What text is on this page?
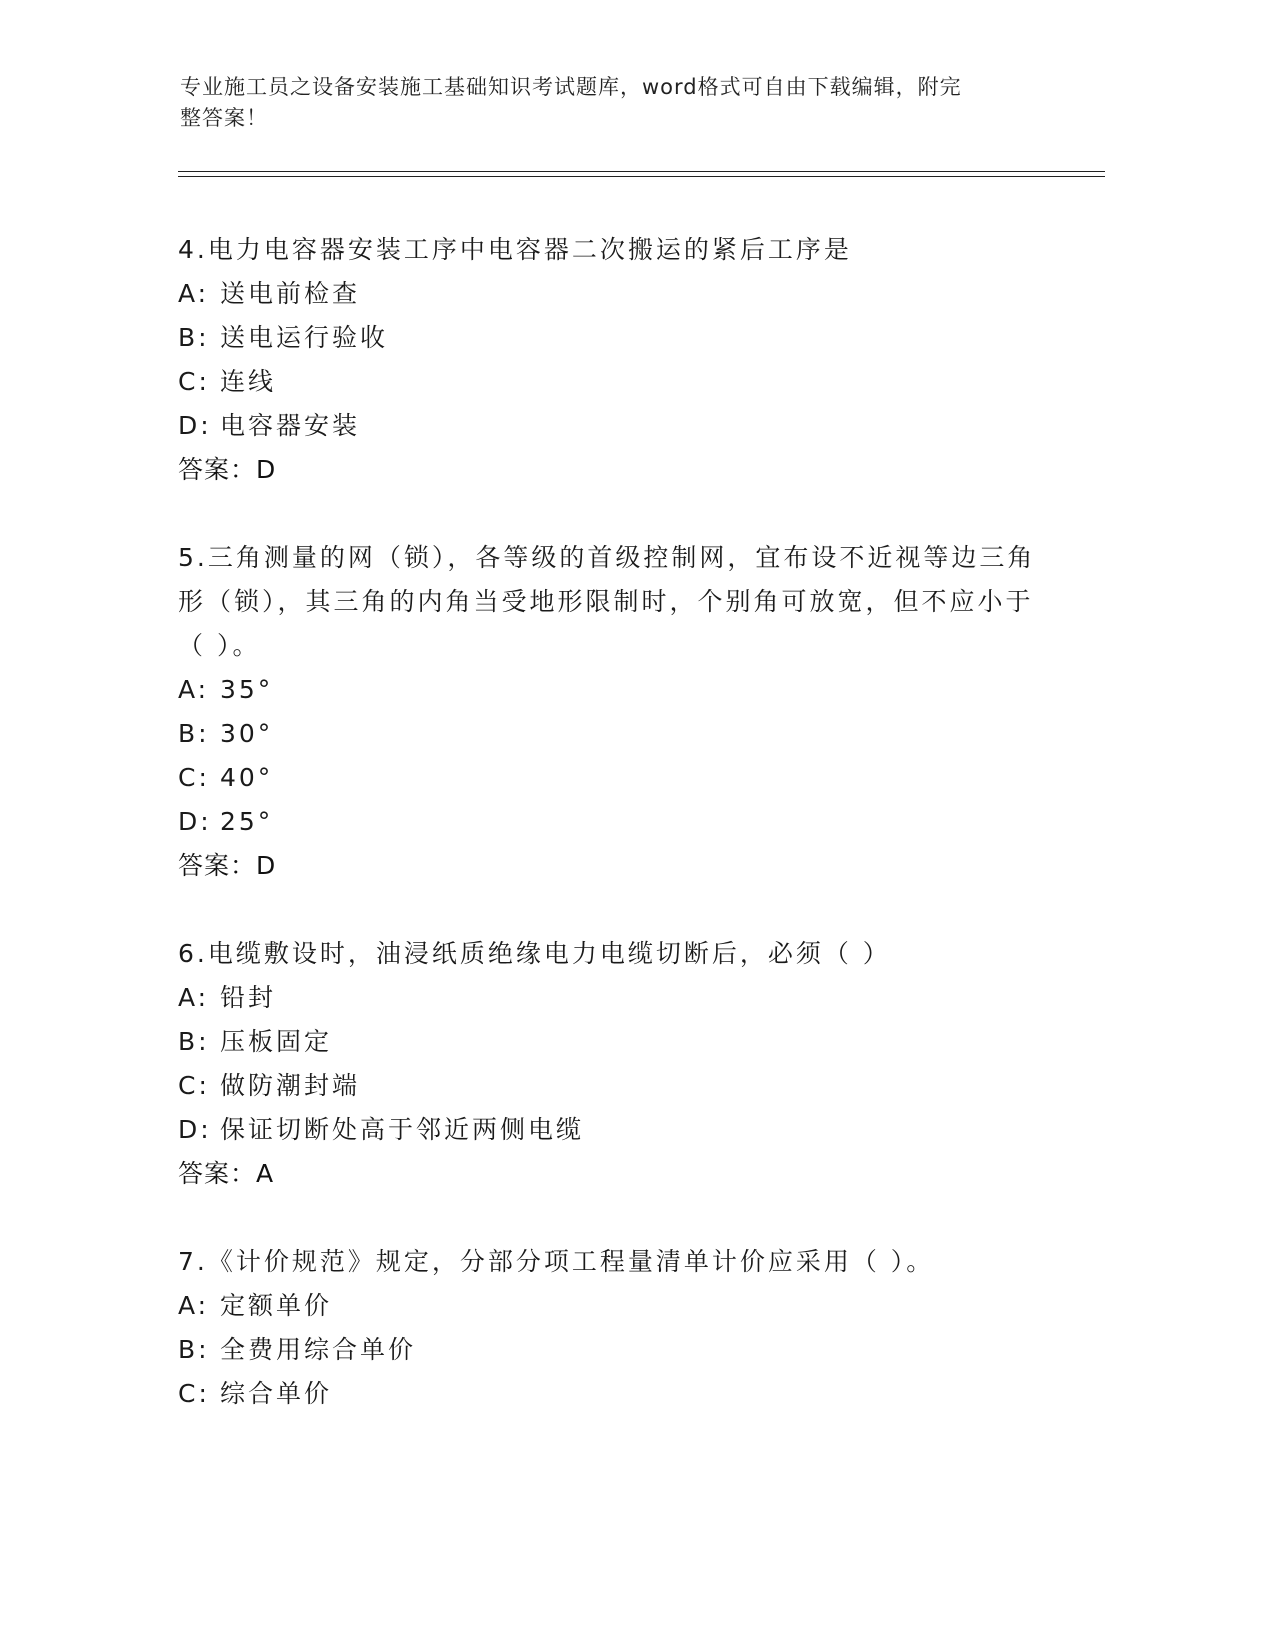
专业施工员之设备安装施工基础知识考试题库，word格式可自由下载编辑，附完
整答案！
4.电力电容器安装工序中电容器二次搬运的紧后工序是
A: 送电前检查
B: 送电运行验收
C: 连线
D: 电容器安装
答案：D
5.三角测量的网（锁），各等级的首级控制网，宜布设不近视等边三角形（锁），其三角的内角当受地形限制时，个别角可放宽，但不应小于（ ）。
A: 35°
B: 30°
C: 40°
D: 25°
答案：D
6.电缆敷设时，油浸纸质绝缘电力电缆切断后，必须（ ）
A: 铅封
B: 压板固定
C: 做防潮封端
D: 保证切断处高于邻近两侧电缆
答案：A
7.《计价规范》规定，分部分项工程量清单计价应采用（ ）。
A: 定额单价
B: 全费用综合单价
C: 综合单价
